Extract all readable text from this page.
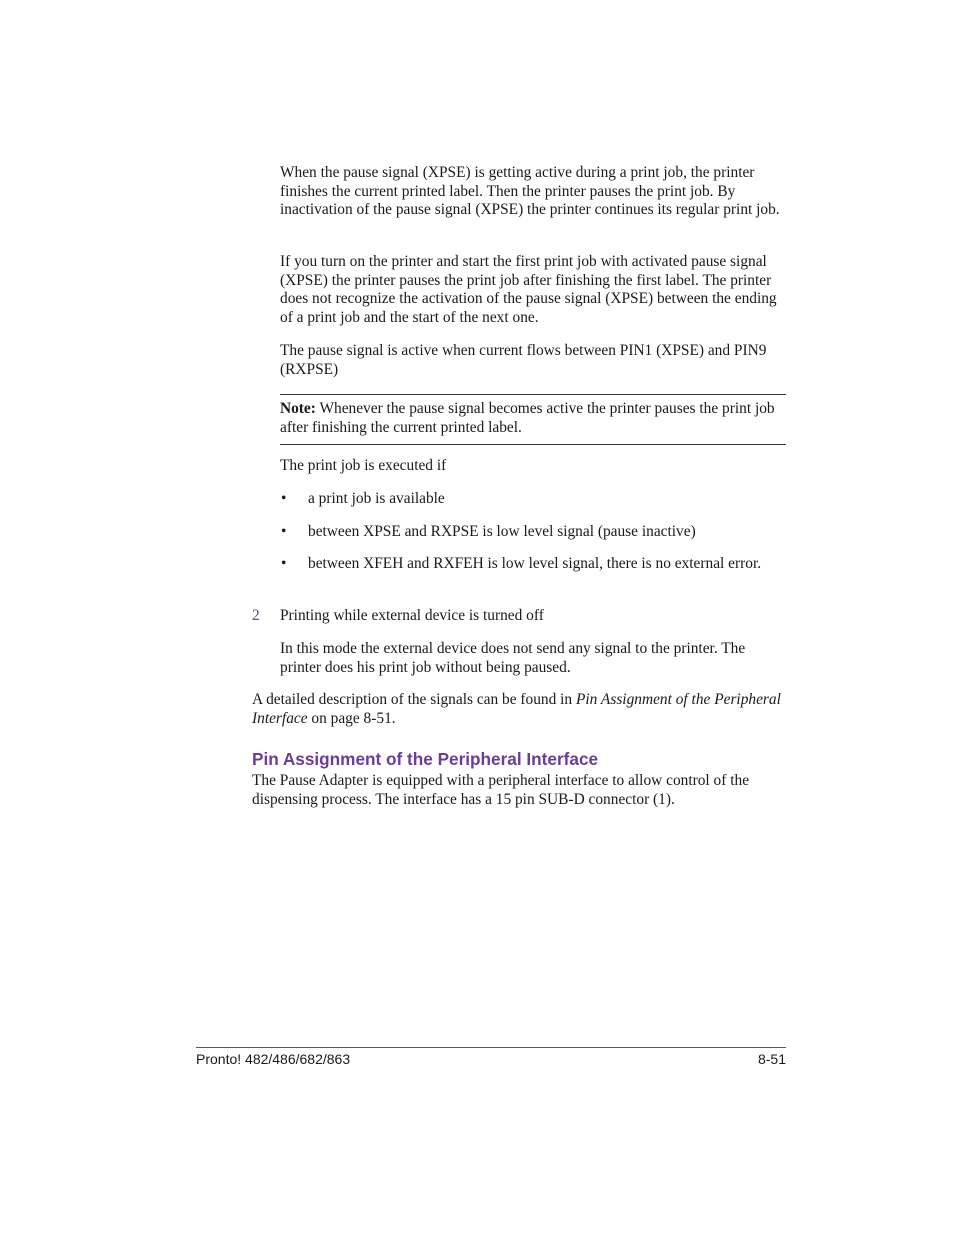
When the pause signal (XPSE) is getting active during a print job, the printer finishes the current printed label. Then the printer pauses the print job. By inactivation of the pause signal (XPSE) the printer continues its regular print job.

If you turn on the printer and start the first print job with activated pause signal (XPSE) the printer pauses the print job after finishing the first label. The printer does not recognize the activation of the pause signal (XPSE) between the ending of a print job and the start of the next one.

The pause signal is active when current flows between PIN1 (XPSE) and PIN9 (RXPSE)

Note: Whenever the pause signal becomes active the printer pauses the print job after finishing the current printed label.

The print job is executed if

• a print job is available

• between XPSE and RXPSE is low level signal (pause inactive)

• between XFEH and RXFEH is low level signal, there is no external error.

2 Printing while external device is turned off

In this mode the external device does not send any signal to the printer. The printer does his print job without being paused.

A detailed description of the signals can be found in Pin Assignment of the Peripheral Interface on page 8-51.

Pin Assignment of the Peripheral Interface

The Pause Adapter is equipped with a peripheral interface to allow control of the dispensing process. The interface has a 15 pin SUB-D connector (1).

Pronto! 482/486/682/863	8-51
